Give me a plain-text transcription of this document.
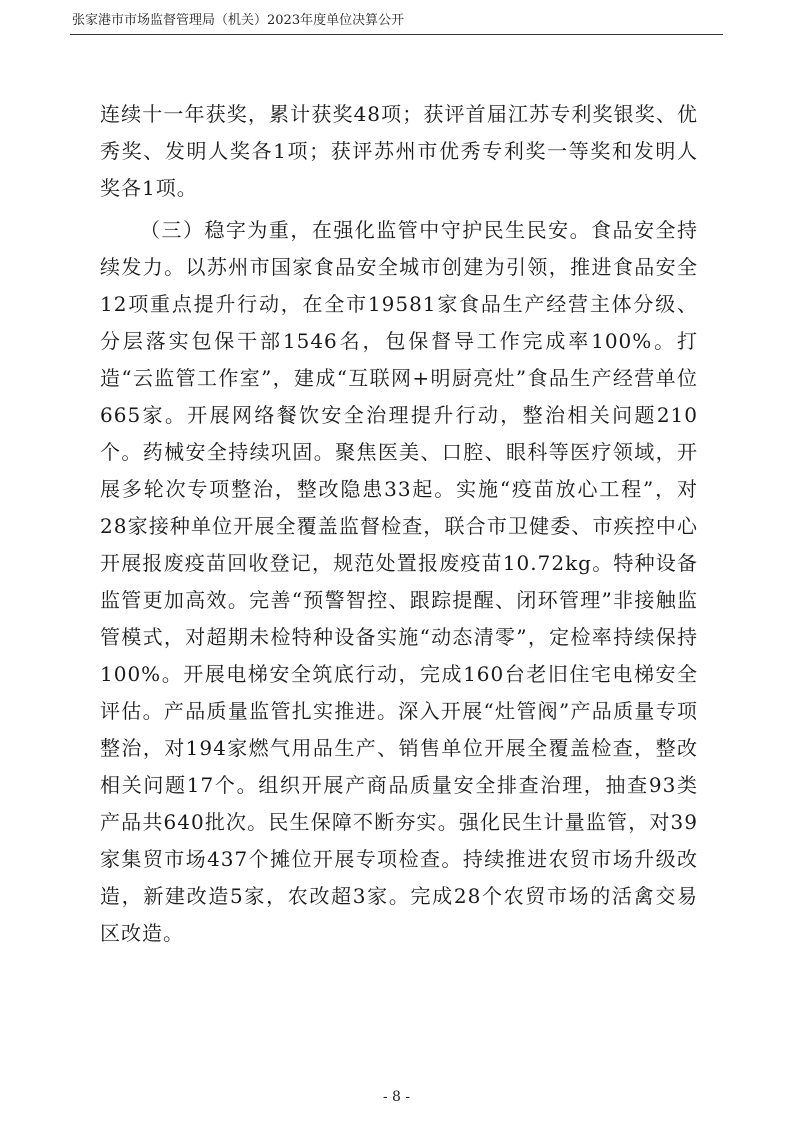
张家港市市场监督管理局（机关）2023年度单位决算公开

连续十一年获奖，累计获奖48项；获评首届江苏专利奖银奖、优秀奖、发明人奖各1项；获评苏州市优秀专利奖一等奖和发明人奖各1项。

（三）稳字为重，在强化监管中守护民生民安。食品安全持续发力。以苏州市国家食品安全城市创建为引领，推进食品安全12项重点提升行动，在全市19581家食品生产经营主体分级、分层落实包保干部1546名，包保督导工作完成率100%。打造“云监管工作室”，建成“互联网+明厨亮灶”食品生产经营单位665家。开展网络餐饮安全治理提升行动，整治相关问题210个。药械安全持续巩固。聚焦医美、口腔、眼科等医疗领域，开展多轮次专项整治，整改隐患33起。实施“疫苗放心工程”，对28家接种单位开展全覆盖监督检查，联合市卫健委、市疾控中心开展报废疫苗回收登记，规范处置报废疫苗10.72kg。特种设备监管更加高效。完善“预警智控、跟踪提醒、闭环管理”非接触监管模式，对超期未检特种设备实施“动态清零”，定检率持续保持100%。开展电梯安全筑底行动，完成160台老旧住宅电梯安全评估。产品质量监管扎实推进。深入开展“灶管阀”产品质量专项整治，对194家燃气用品生产、销售单位开展全覆盖检查，整改相关问题17个。组织开展产商品质量安全排查治理，抽查93类产品共640批次。民生保障不断夯实。强化民生计量监管，对39家集贸市场437个摊位开展专项检查。持续推进农贸市场升级改造，新建改造5家，农改超3家。完成28个农贸市场的活禽交易区改造。

- 8 -
